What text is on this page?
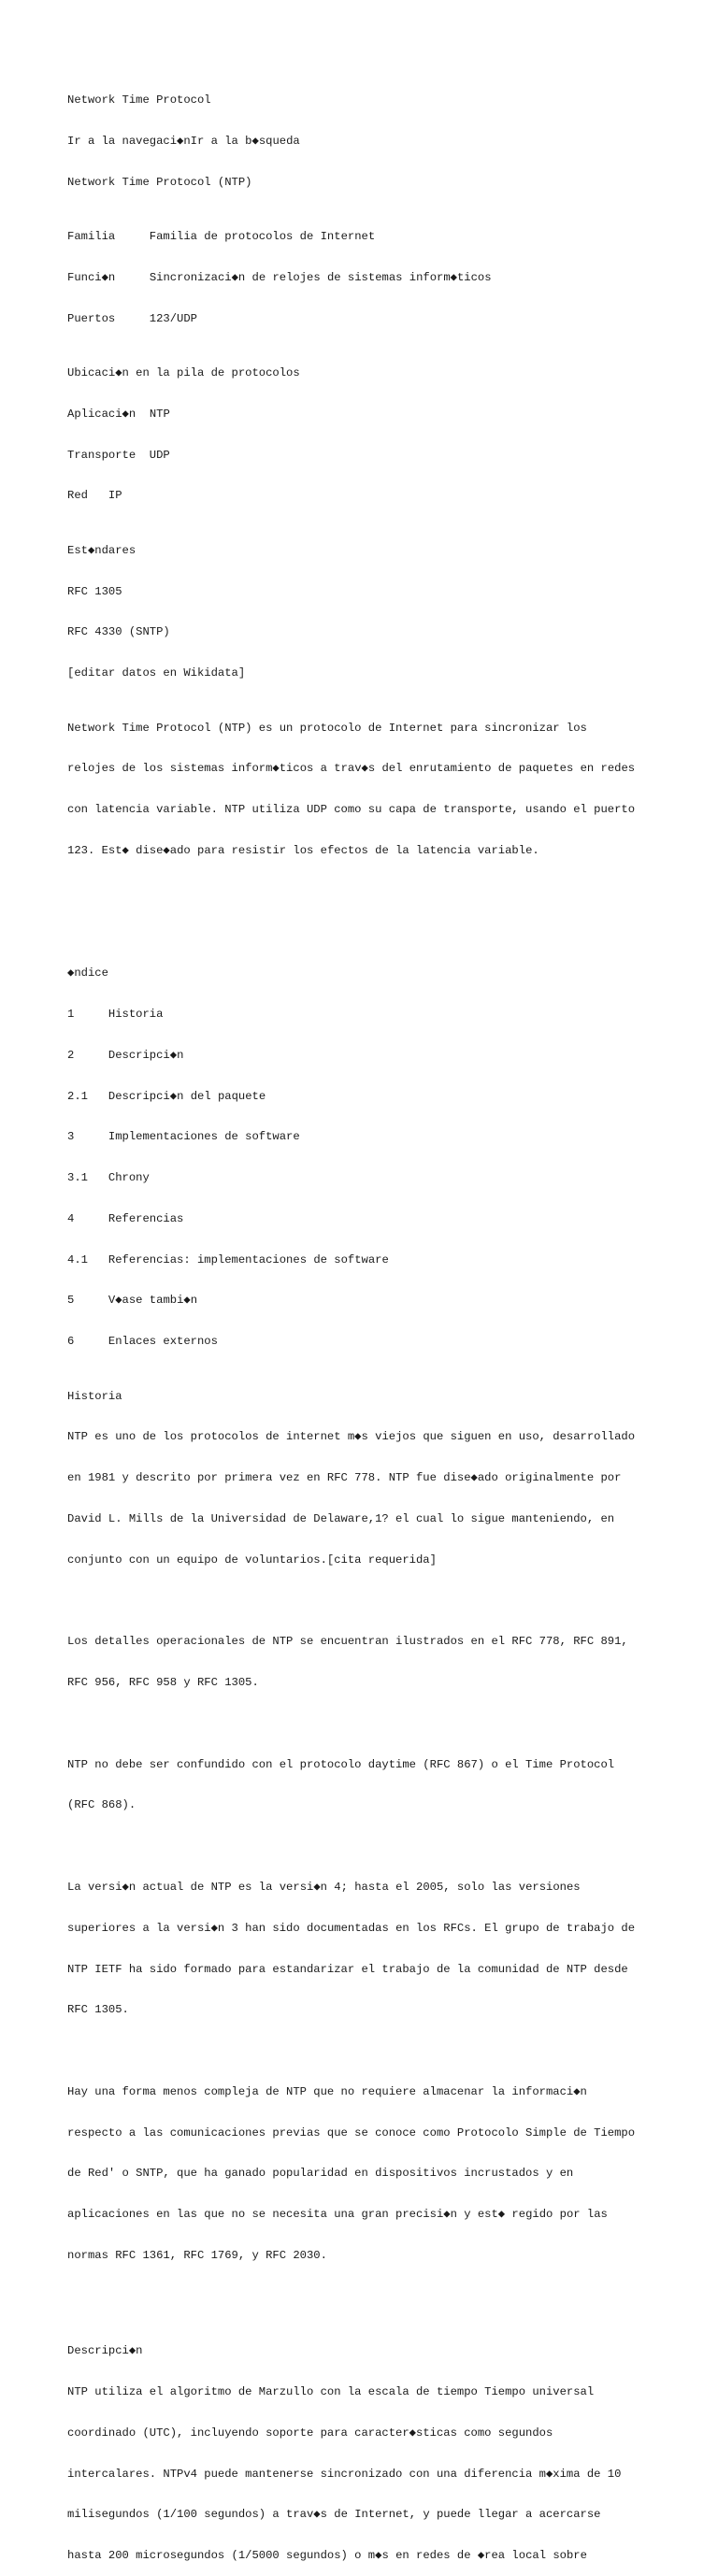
Network Time Protocol

Ir a la navegaci◆nIr a la b◆squeda

Network Time Protocol (NTP)

Familia	Familia de protocolos de Internet

Funci◆n	Sincronizaci◆n de relojes de sistemas inform◆ticos

Puertos	123/UDP

Ubicaci◆n en la pila de protocolos

Aplicaci◆n NTP

Transporte UDP

Red IP

Est◆ndares

RFC 1305

RFC 4330 (SNTP)

[editar datos en Wikidata]

Network Time Protocol (NTP) es un protocolo de Internet para sincronizar los

relojes de los sistemas inform◆ticos a trav◆s del enrutamiento de paquetes en redes

con latencia variable. NTP utiliza UDP como su capa de transporte, usando el puerto

123. Est◆ dise◆ado para resistir los efectos de la latencia variable.

◆ndice

1	Historia

2	Descripci◆n

2.1 Descripci◆n del paquete

3	Implementaciones de software

3.1 Chrony

4	Referencias

4.1 Referencias: implementaciones de software

5	V◆ase tambi◆n

6	Enlaces externos

Historia

NTP es uno de los protocolos de internet m◆s viejos que siguen en uso, desarrollado

en 1981 y descrito por primera vez en RFC 778. NTP fue dise◆ado originalmente por

David L. Mills de la Universidad de Delaware,1? el cual lo sigue manteniendo, en

conjunto con un equipo de voluntarios.[cita requerida]

Los detalles operacionales de NTP se encuentran ilustrados en el RFC 778, RFC 891,

RFC 956, RFC 958 y RFC 1305.

NTP no debe ser confundido con el protocolo daytime (RFC 867) o el Time Protocol

(RFC 868).

La versi◆n actual de NTP es la versi◆n 4; hasta el 2005, solo las versiones

superiores a la versi◆n 3 han sido documentadas en los RFCs. El grupo de trabajo de

NTP IETF ha sido formado para estandarizar el trabajo de la comunidad de NTP desde

RFC 1305.

Hay una forma menos compleja de NTP que no requiere almacenar la informaci◆n

respecto a las comunicaciones previas que se conoce como Protocolo Simple de Tiempo

de Red' o SNTP, que ha ganado popularidad en dispositivos incrustados y en

aplicaciones en las que no se necesita una gran precisi◆n y est◆ regido por las

normas RFC 1361, RFC 1769, y RFC 2030.

Descripci◆n

NTP utiliza el algoritmo de Marzullo con la escala de tiempo Tiempo universal

coordinado (UTC), incluyendo soporte para caracter◆sticas como segundos

intercalares. NTPv4 puede mantenerse sincronizado con una diferencia m◆xima de 10

milisegundos (1/100 segundos) a trav◆s de Internet, y puede llegar a acercarse

hasta 200 microsegundos (1/5000 segundos) o m◆s en redes de ◆rea local sobre
